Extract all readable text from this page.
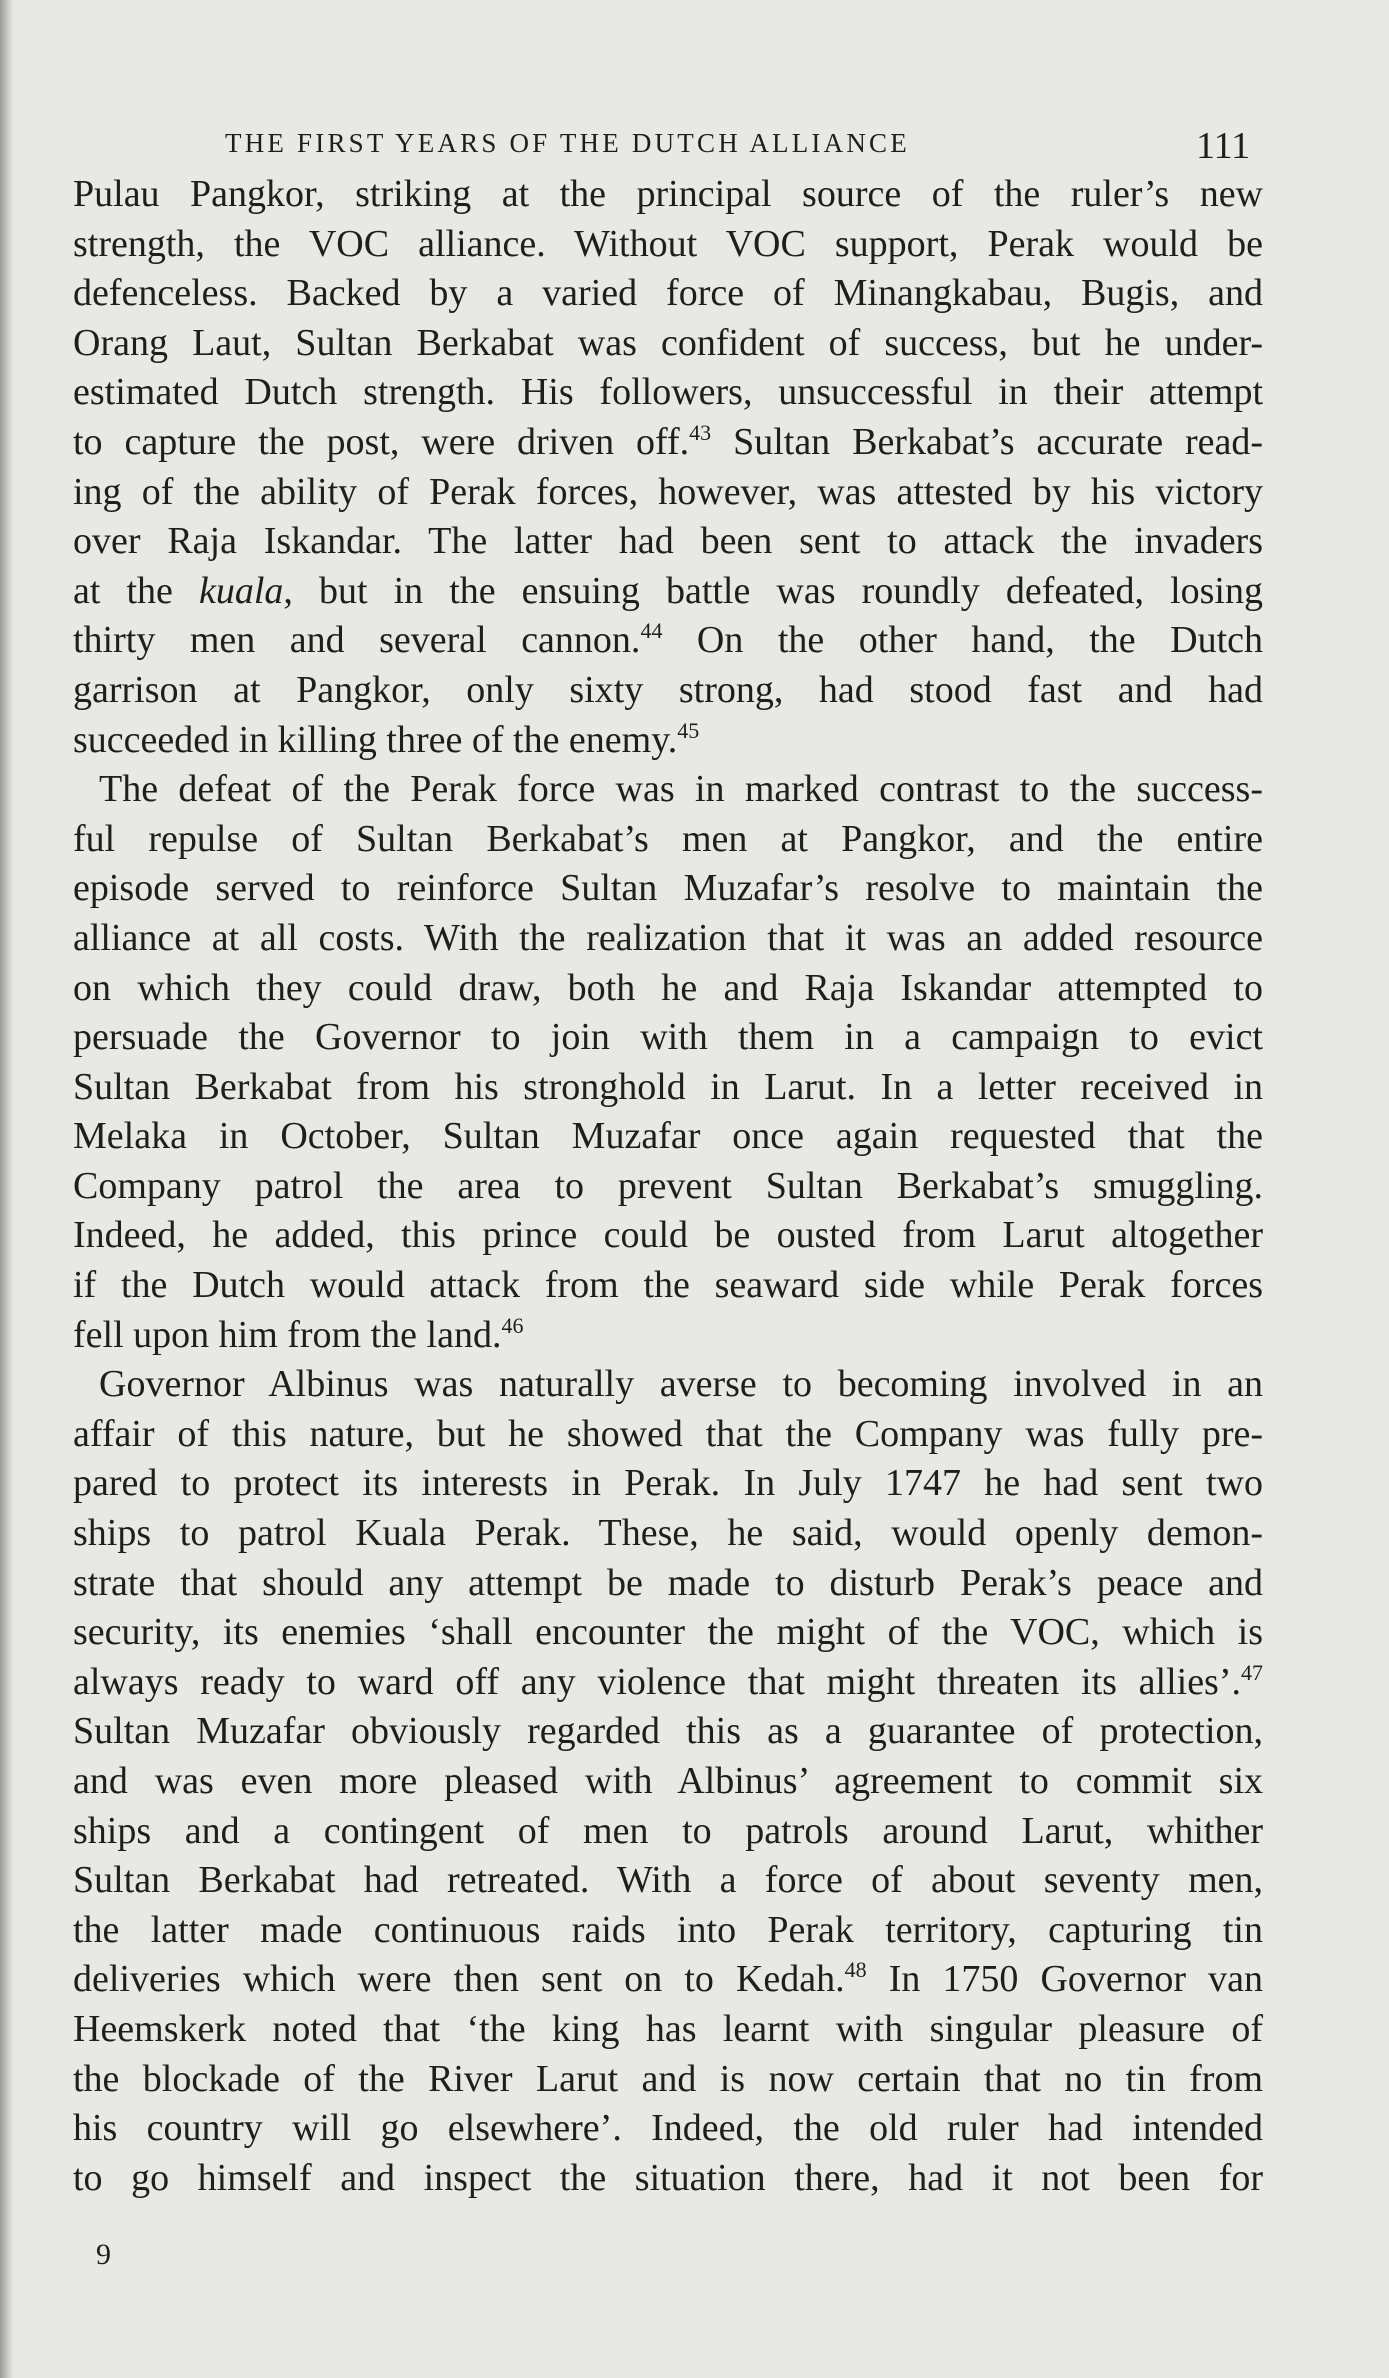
THE FIRST YEARS OF THE DUTCH ALLIANCE	111
Pulau Pangkor, striking at the principal source of the ruler’s new
strength, the VOC alliance. Without VOC support, Perak would be
defenceless. Backed by a varied force of Minangkabau, Bugis, and
Orang Laut, Sultan Berkabat was confident of success, but he under-
estimated Dutch strength. His followers, unsuccessful in their attempt
to capture the post, were driven off.$^{43}$ Sultan Berkabat’s accurate read-
ing of the ability of Perak forces, however, was attested by his victory
over Raja Iskandar. The latter had been sent to attack the invaders
at the kuala, but in the ensuing battle was roundly defeated, losing
thirty men and several cannon.$^{44}$ On the other hand, the Dutch
garrison at Pangkor, only sixty strong, had stood fast and had
succeeded in killing three of the enemy.$^{45}$
The defeat of the Perak force was in marked contrast to the success-
ful repulse of Sultan Berkabat’s men at Pangkor, and the entire
episode served to reinforce Sultan Muzafar’s resolve to maintain the
alliance at all costs. With the realization that it was an added resource
on which they could draw, both he and Raja Iskandar attempted to
persuade the Governor to join with them in a campaign to evict
Sultan Berkabat from his stronghold in Larut. In a letter received in
Melaka in October, Sultan Muzafar once again requested that the
Company patrol the area to prevent Sultan Berkabat’s smuggling.
Indeed, he added, this prince could be ousted from Larut altogether
if the Dutch would attack from the seaward side while Perak forces
fell upon him from the land.$^{46}$
Governor Albinus was naturally averse to becoming involved in an
affair of this nature, but he showed that the Company was fully pre-
pared to protect its interests in Perak. In July 1747 he had sent two
ships to patrol Kuala Perak. These, he said, would openly demon-
strate that should any attempt be made to disturb Perak’s peace and
security, its enemies ‘shall encounter the might of the VOC, which is
always ready to ward off any violence that might threaten its allies’.$^{47}$
Sultan Muzafar obviously regarded this as a guarantee of protection,
and was even more pleased with Albinus’ agreement to commit six
ships and a contingent of men to patrols around Larut, whither
Sultan Berkabat had retreated. With a force of about seventy men,
the latter made continuous raids into Perak territory, capturing tin
deliveries which were then sent on to Kedah.$^{48}$ In 1750 Governor van
Heemskerk noted that ‘the king has learnt with singular pleasure of
the blockade of the River Larut and is now certain that no tin from
his country will go elsewhere’. Indeed, the old ruler had intended
to go himself and inspect the situation there, had it not been for
9
